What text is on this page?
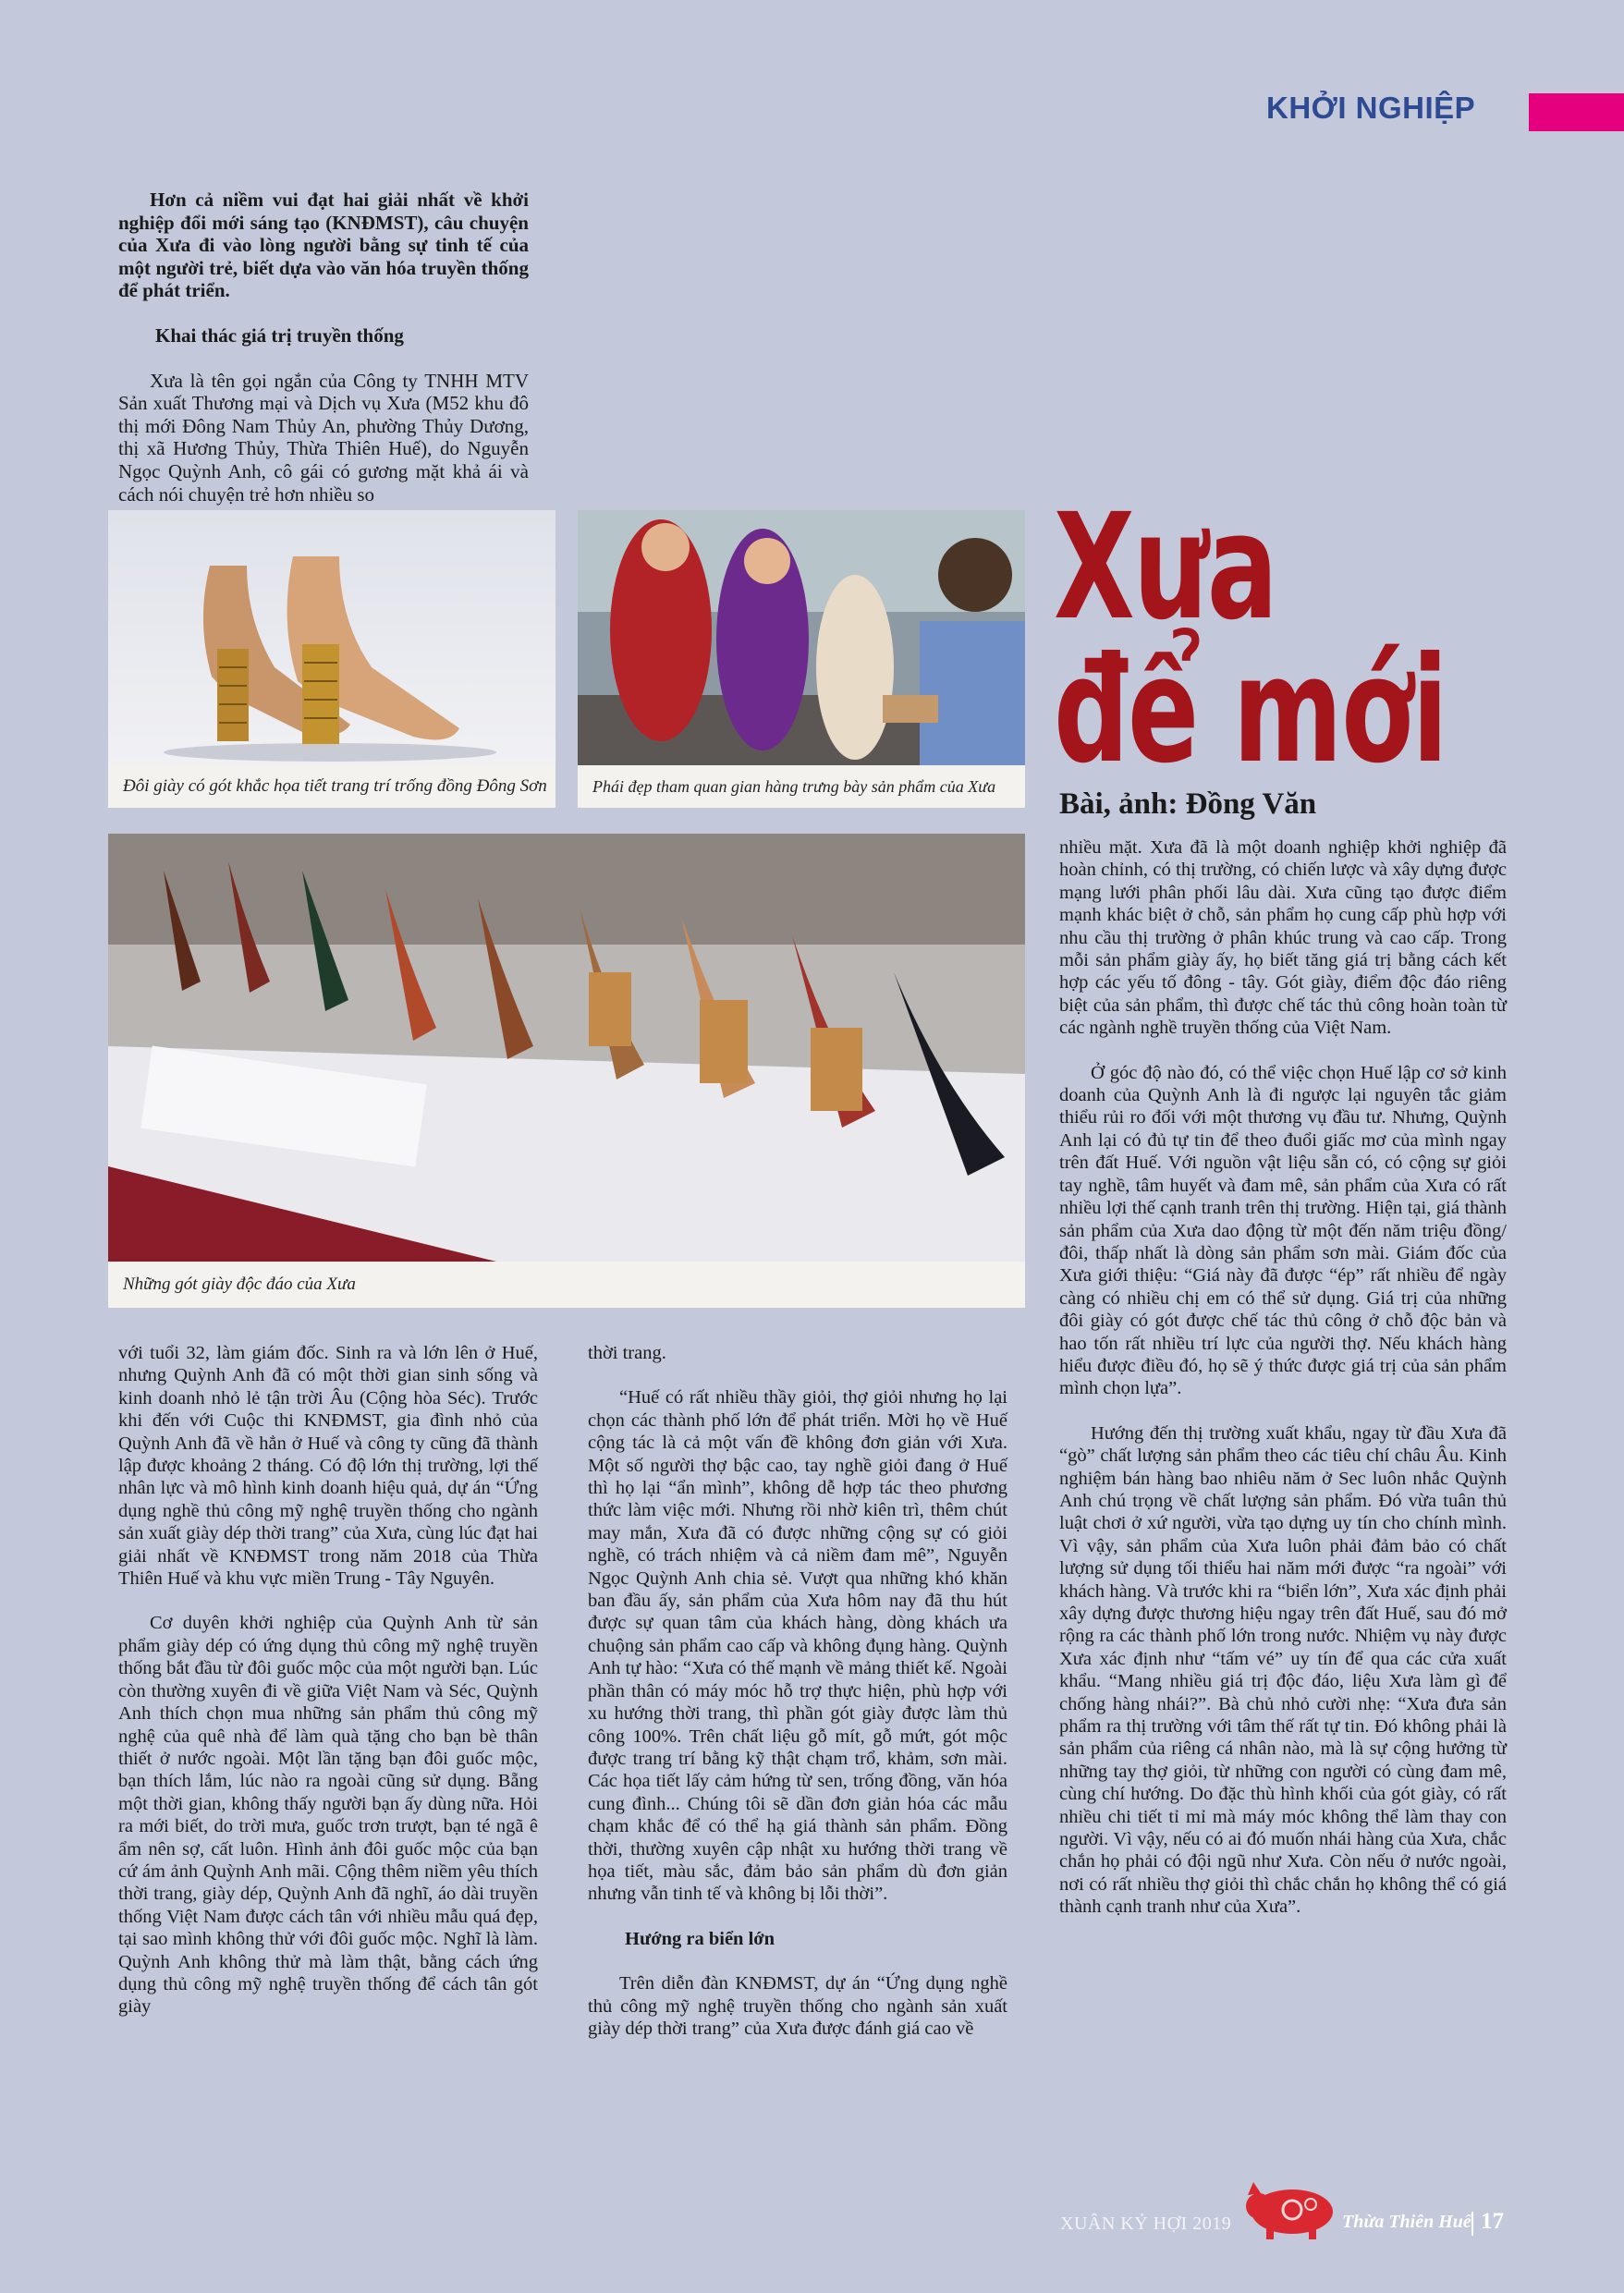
KHỞI NGHIỆP

Hơn cả niềm vui đạt hai giải nhất về khởi nghiệp đổi mới sáng tạo (KNĐMST), câu chuyện của Xưa đi vào lòng người bằng sự tinh tế của một người trẻ, biết dựa vào văn hóa truyền thống để phát triển.

Khai thác giá trị truyền thống

Xưa là tên gọi ngắn của Công ty TNHH MTV Sản xuất Thương mại và Dịch vụ Xưa (M52 khu đô thị mới Đông Nam Thủy An, phường Thủy Dương, thị xã Hương Thủy, Thừa Thiên Huế), do Nguyễn Ngọc Quỳnh Anh, cô gái có gương mặt khả ái và cách nói chuyện trẻ hơn nhiều so	Xưa
để mới
Bài, ảnh: Đồng Văn
Đôi giày có gót khắc họa tiết trang trí trống đồng Đông Sơn	Phái đẹp tham quan gian hàng trưng bày sản phẩm của Xưa
Những gót giày độc đáo của Xưa

với tuổi 32, làm giám đốc. Sinh ra và lớn lên ở Huế, nhưng Quỳnh Anh đã có một thời gian sinh sống và kinh doanh nhỏ lẻ tận trời Âu (Cộng hòa Séc). Trước khi đến với Cuộc thi KNĐMST, gia đình nhỏ của Quỳnh Anh đã về hẳn ở Huế và công ty cũng đã thành lập được khoảng 2 tháng. Có độ lớn thị trường, lợi thế nhân lực và mô hình kinh doanh hiệu quả, dự án “Ứng dụng nghề thủ công mỹ nghệ truyền thống cho ngành sản xuất giày dép thời trang” của Xưa, cùng lúc đạt hai giải nhất về KNĐMST trong năm 2018 của Thừa Thiên Huế và khu vực miền Trung - Tây Nguyên.

Cơ duyên khởi nghiệp của Quỳnh Anh từ sản phẩm giày dép có ứng dụng thủ công mỹ nghệ truyền thống bắt đầu từ đôi guốc mộc của một người bạn. Lúc còn thường xuyên đi về giữa Việt Nam và Séc, Quỳnh Anh thích chọn mua những sản phẩm thủ công mỹ nghệ của quê nhà để làm quà tặng cho bạn bè thân thiết ở nước ngoài. Một lần tặng bạn đôi guốc mộc, bạn thích lắm, lúc nào ra ngoài cũng sử dụng. Bẵng một thời gian, không thấy người bạn ấy dùng nữa. Hỏi ra mới biết, do trời mưa, guốc trơn trượt, bạn té ngã ê ẩm nên sợ, cất luôn. Hình ảnh đôi guốc mộc của bạn cứ ám ảnh Quỳnh Anh mãi. Cộng thêm niềm yêu thích thời trang, giày dép, Quỳnh Anh đã nghĩ, áo dài truyền thống Việt Nam được cách tân với nhiều mẫu quá đẹp, tại sao mình không thử với đôi guốc mộc. Nghĩ là làm. Quỳnh Anh không thử mà làm thật, bằng cách ứng dụng thủ công mỹ nghệ truyền thống để cách tân gót giày

thời trang.

“Huế có rất nhiều thầy giỏi, thợ giỏi nhưng họ lại chọn các thành phố lớn để phát triển. Mời họ về Huế cộng tác là cả một vấn đề không đơn giản với Xưa. Một số người thợ bậc cao, tay nghề giỏi đang ở Huế thì họ lại “ẩn mình”, không dễ hợp tác theo phương thức làm việc mới. Nhưng rồi nhờ kiên trì, thêm chút may mắn, Xưa đã có được những cộng sự có giỏi nghề, có trách nhiệm và cả niềm đam mê”, Nguyễn Ngọc Quỳnh Anh chia sẻ. Vượt qua những khó khăn ban đầu ấy, sản phẩm của Xưa hôm nay đã thu hút được sự quan tâm của khách hàng, dòng khách ưa chuộng sản phẩm cao cấp và không đụng hàng. Quỳnh Anh tự hào: “Xưa có thế mạnh về mảng thiết kế. Ngoài phần thân có máy móc hỗ trợ thực hiện, phù hợp với xu hướng thời trang, thì phần gót giày được làm thủ công 100%. Trên chất liệu gỗ mít, gỗ mứt, gót mộc được trang trí bằng kỹ thật chạm trổ, khảm, sơn mài. Các họa tiết lấy cảm hứng từ sen, trống đồng, văn hóa cung đình... Chúng tôi sẽ dần đơn giản hóa các mẫu chạm khắc để có thể hạ giá thành sản phẩm. Đồng thời, thường xuyên cập nhật xu hướng thời trang về họa tiết, màu sắc, đảm bảo sản phẩm dù đơn giản nhưng vẫn tinh tế và không bị lỗi thời”.

Hướng ra biển lớn

Trên diễn đàn KNĐMST, dự án “Ứng dụng nghề thủ công mỹ nghệ truyền thống cho ngành sản xuất giày dép thời trang” của Xưa được đánh giá cao về

nhiều mặt. Xưa đã là một doanh nghiệp khởi nghiệp đã hoàn chỉnh, có thị trường, có chiến lược và xây dựng được mạng lưới phân phối lâu dài. Xưa cũng tạo được điểm mạnh khác biệt ở chỗ, sản phẩm họ cung cấp phù hợp với nhu cầu thị trường ở phân khúc trung và cao cấp. Trong mỗi sản phẩm giày ấy, họ biết tăng giá trị bằng cách kết hợp các yếu tố đông - tây. Gót giày, điểm độc đáo riêng biệt của sản phẩm, thì được chế tác thủ công hoàn toàn từ các ngành nghề truyền thống của Việt Nam.

Ở góc độ nào đó, có thể việc chọn Huế lập cơ sở kinh doanh của Quỳnh Anh là đi ngược lại nguyên tắc giảm thiểu rủi ro đối với một thương vụ đầu tư. Nhưng, Quỳnh Anh lại có đủ tự tin để theo đuổi giấc mơ của mình ngay trên đất Huế. Với nguồn vật liệu sẵn có, có cộng sự giỏi tay nghề, tâm huyết và đam mê, sản phẩm của Xưa có rất nhiều lợi thế cạnh tranh trên thị trường. Hiện tại, giá thành sản phẩm của Xưa dao động từ một đến năm triệu đồng/đôi, thấp nhất là dòng sản phẩm sơn mài. Giám đốc của Xưa giới thiệu: “Giá này đã được “ép” rất nhiều để ngày càng có nhiều chị em có thể sử dụng. Giá trị của những đôi giày có gót được chế tác thủ công ở chỗ độc bản và hao tốn rất nhiều trí lực của người thợ. Nếu khách hàng hiểu được điều đó, họ sẽ ý thức được giá trị của sản phẩm mình chọn lựa”.

Hướng đến thị trường xuất khẩu, ngay từ đầu Xưa đã “gò” chất lượng sản phẩm theo các tiêu chí châu Âu. Kinh nghiệm bán hàng bao nhiêu năm ở Sec luôn nhắc Quỳnh Anh chú trọng về chất lượng sản phẩm. Đó vừa tuân thủ luật chơi ở xứ người, vừa tạo dựng uy tín cho chính mình. Vì vậy, sản phẩm của Xưa luôn phải đảm bảo có chất lượng sử dụng tối thiểu hai năm mới được “ra ngoài” với khách hàng. Và trước khi ra “biển lớn”, Xưa xác định phải xây dựng được thương hiệu ngay trên đất Huế, sau đó mở rộng ra các thành phố lớn trong nước. Nhiệm vụ này được Xưa xác định như “tấm vé” uy tín để qua các cửa xuất khẩu. “Mang nhiều giá trị độc đáo, liệu Xưa làm gì để chống hàng nhái?”. Bà chủ nhỏ cười nhẹ: “Xưa đưa sản phẩm ra thị trường với tâm thế rất tự tin. Đó không phải là sản phẩm của riêng cá nhân nào, mà là sự cộng hưởng từ những tay thợ giỏi, từ những con người có cùng đam mê, cùng chí hướng. Do đặc thù hình khối của gót giày, có rất nhiều chi tiết tỉ mỉ mà máy móc không thể làm thay con người. Vì vậy, nếu có ai đó muốn nhái hàng của Xưa, chắc chắn họ phải có đội ngũ như Xưa. Còn nếu ở nước ngoài, nơi có rất nhiều thợ giỏi thì chắc chắn họ không thể có giá thành cạnh tranh như của Xưa”.

XUÂN KỶ HỢI 2019	Thừa Thiên Huế 17
